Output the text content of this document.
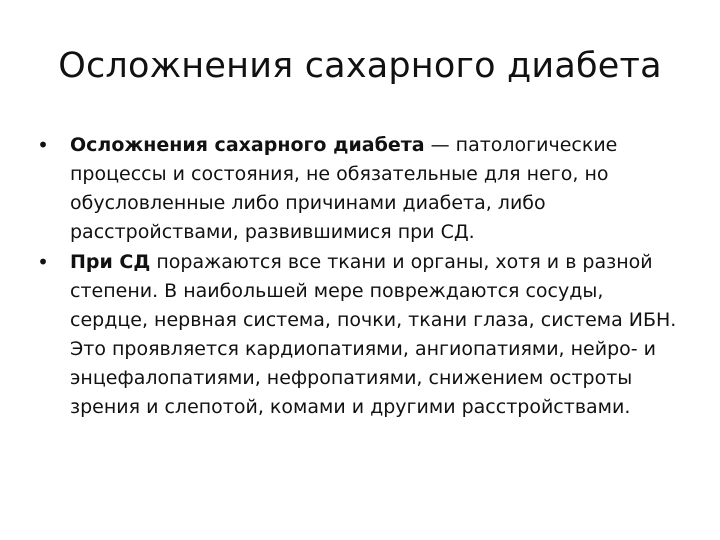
Осложнения сахарного диабета
• Осложнения сахарного диабета — патологические процессы и состояния, не обязательные для него, но обусловленные либо причинами диабета, либо расстройствами, развившимися при СД.
• При СД поражаются все ткани и органы, хотя и в разной степени. В наибольшей мере повреждаются сосуды, сердце, нервная система, почки, ткани глаза, система ИБН. Это проявляется кардиопатиями, ангиопатиями, нейро- и энцефалопатиями, нефропатиями, снижением остроты зрения и слепотой, комами и другими расстройствами.
